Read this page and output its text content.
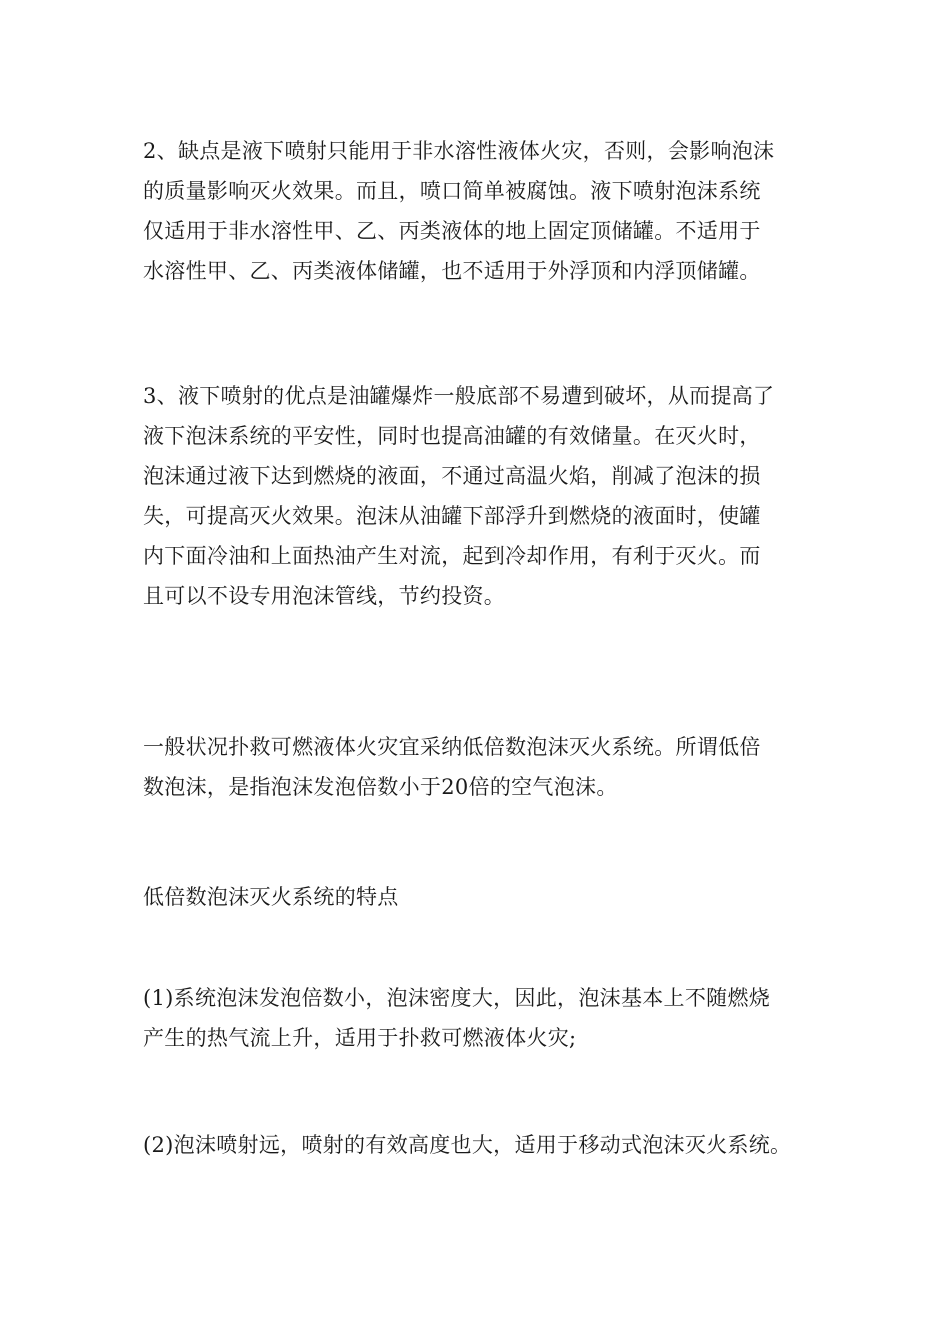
2、缺点是液下喷射只能用于非水溶性液体火灾，否则，会影响泡沫
的质量影响灭火效果。而且，喷口简单被腐蚀。液下喷射泡沫系统
仅适用于非水溶性甲、乙、丙类液体的地上固定顶储罐。不适用于
水溶性甲、乙、丙类液体储罐，也不适用于外浮顶和内浮顶储罐。

3、液下喷射的优点是油罐爆炸一般底部不易遭到破坏，从而提高了
液下泡沫系统的平安性，同时也提高油罐的有效储量。在灭火时，
泡沫通过液下达到燃烧的液面，不通过高温火焰，削减了泡沫的损
失，可提高灭火效果。泡沫从油罐下部浮升到燃烧的液面时，使罐
内下面冷油和上面热油产生对流，起到冷却作用，有利于灭火。而
且可以不设专用泡沫管线，节约投资。

一般状况扑救可燃液体火灾宜采纳低倍数泡沫灭火系统。所谓低倍
数泡沫，是指泡沫发泡倍数小于20倍的空气泡沫。

低倍数泡沫灭火系统的特点

(1)系统泡沫发泡倍数小，泡沫密度大，因此，泡沫基本上不随燃烧
产生的热气流上升，适用于扑救可燃液体火灾;

(2)泡沫喷射远，喷射的有效高度也大，适用于移动式泡沫灭火系统。
